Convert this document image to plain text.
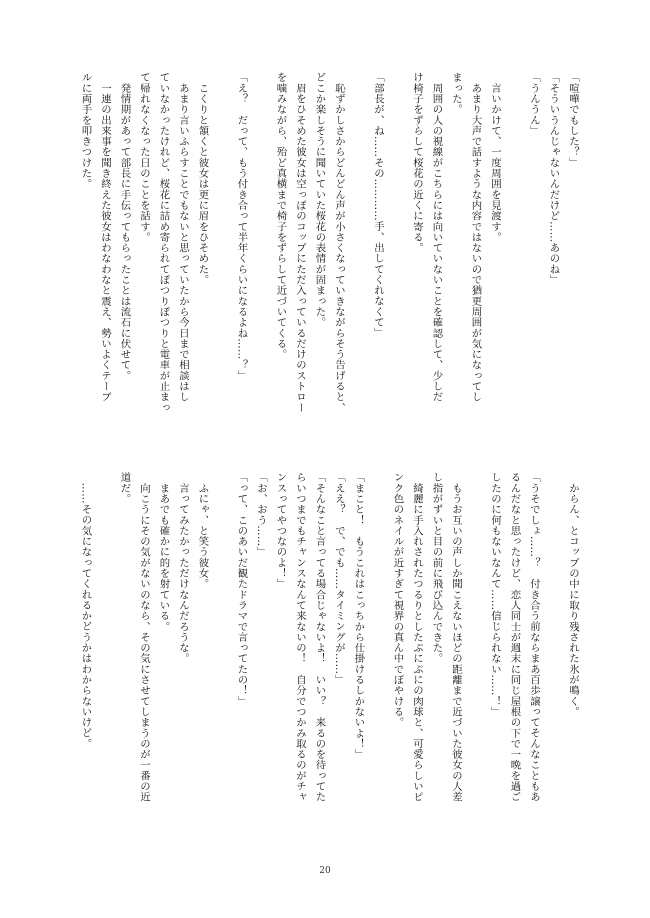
「喧嘩でもした？」
「そういうんじゃないんだけど……あのね」
「うんうん」

　言いかけて、一度周囲を見渡す。
　あまり大声で話すような内容ではないので猶更周囲が気になってし
まった。
　周囲の人の視線がこちらには向いていないことを確認して、少しだ
け椅子をずらして桜花の近くに寄る。

「部長が、ね……その…………手、出してくれなくて」

　恥ずかしさからどんどん声が小さくなっていきながらそう告げると、
どこか楽しそうに聞いていた桜花の表情が固まった。
　眉をひそめた彼女は空っぽのコップにただ入っているだけのストロー
を噛みながら、殆ど真横まで椅子をずらして近づいてくる。

「え？　だって、もう付き合って半年くらいになるよね……？」

　こくりと頷くと彼女は更に眉をひそめた。
　あまり言いふらすことでもないと思っていたから今日まで相談はし
ていなかったけれど、桜花に詰め寄られてぽつりぽつりと電車が止まっ
て帰れなくなった日のことを話す。
　発情期があって部長に手伝ってもらったことは流石に伏せて。
　一連の出来事を聞き終えた彼女はわなわなと震え、勢いよくテーブ
ルに両手を叩きつけた。
　からん、とコップの中に取り残された氷が鳴く。

「うそでしょ……？　付き合う前ならまあ百歩譲ってそんなこともあ
るんだなと思ったけど、恋人同士が週末に同じ屋根の下で一晩を過ご
したのに何もないなんて……信じられない……！」

　もうお互いの声しか聞こえないほどの距離まで近づいた彼女の人差
し指がずいと目の前に飛び込んできた。
　綺麗に手入れされたつるりとしたぷにぷにの肉球と、可愛らしいピ
ンク色のネイルが近すぎて視界の真ん中でぼやける。

「まこと！　もうこれはこっちから仕掛けるしかないよ！」
「ええ？　で、でも……タイミングが……」
「そんなこと言ってる場合じゃないよ！　いい？　来るのを待ってた
らいつまでもチャンスなんて来ないの！　自分でつかみ取るのがチャ
ンスってやつなのよ！」
「お、おう……」
「って、このあいだ観たドラマで言ってたの！」

　ふにゃ、と笑う彼女。
　言ってみたかっただけなんだろうな。
　まあでも確かに的を射ている。
　向こうにその気がないのなら、その気にさせてしまうのが一番の近
道だ。

　……その気になってくれるかどうかはわからないけど。
20
